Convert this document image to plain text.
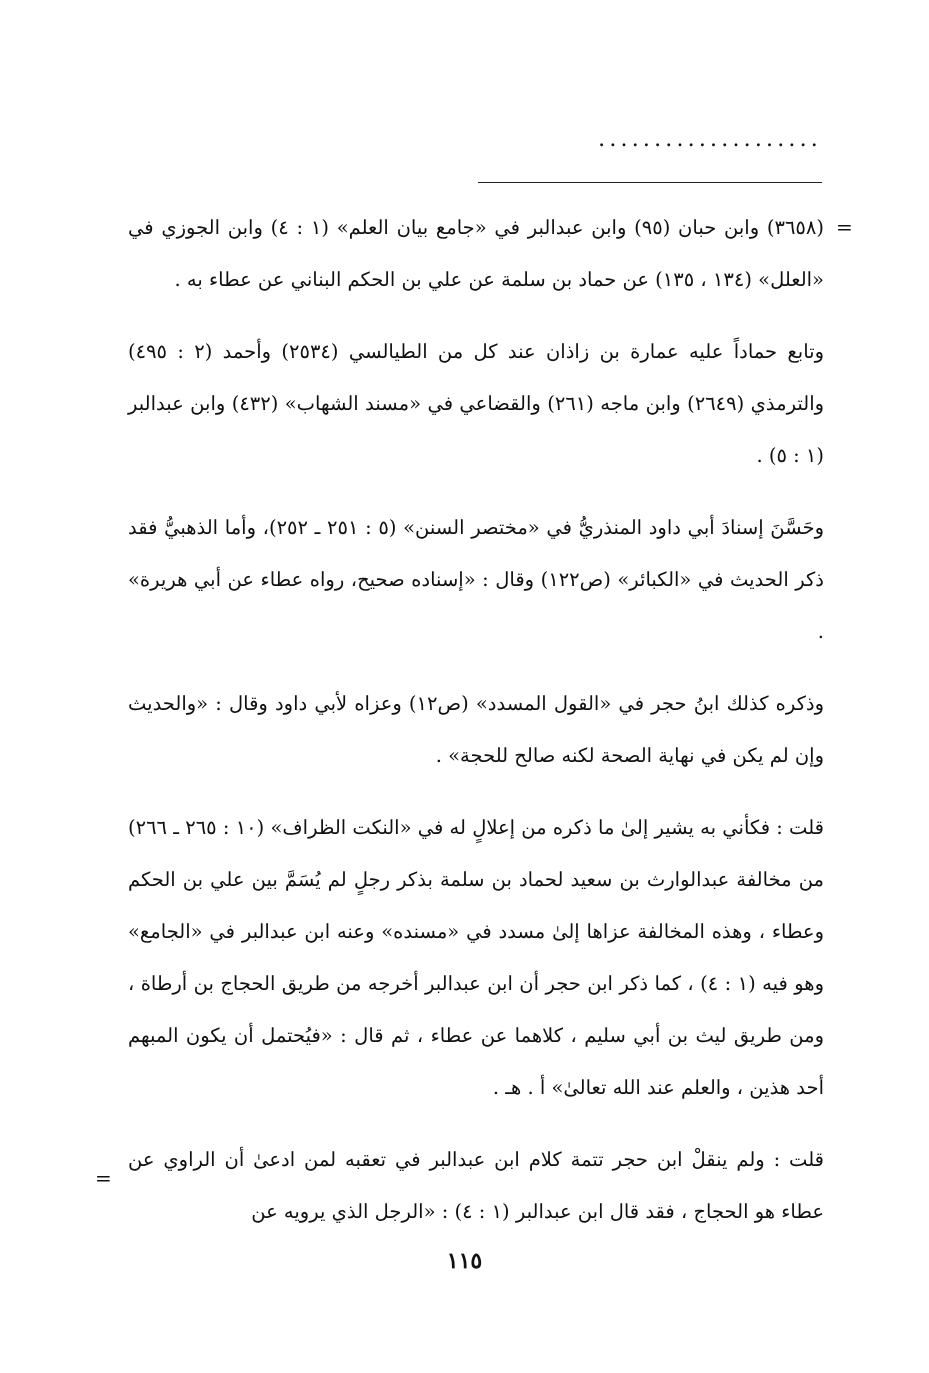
....................
=

(٣٦٥٨) وابن حبان (٩٥) وابن عبدالبر في «جامع بيان العلم» (١ : ٤) وابن الجوزي في «العلل» (١٣٤ ، ١٣٥) عن حماد بن سلمة عن علي بن الحكم البناني عن عطاء به .

وتابع حماداً عليه عمارة بن زاذان عند كل من الطيالسي (٢٥٣٤) وأحمد (٢ : ٤٩٥) والترمذي (٢٦٤٩) وابن ماجه (٢٦١) والقضاعي في «مسند الشهاب» (٤٣٢) وابن عبدالبر (١ : ٥) .

وحَسَّنَ إسنادَ أبي داود المنذريُّ في «مختصر السنن» (٥ : ٢٥١ ـ ٢٥٢)، وأما الذهبيُّ فقد ذكر الحديث في «الكبائر» (ص١٢٢) وقال : «إسناده صحيح، رواه عطاء عن أبي هريرة» .

وذكره كذلك ابنُ حجر في «القول المسدد» (ص١٢) وعزاه لأبي داود وقال : «والحديث وإن لم يكن في نهاية الصحة لكنه صالح للحجة» .

قلت : فكأني به يشير إلىٰ ما ذكره من إعلالٍ له في «النكت الظراف» (١٠ : ٢٦٥ ـ ٢٦٦) من مخالفة عبدالوارث بن سعيد لحماد بن سلمة بذكر رجلٍ لم يُسَمَّ بين علي بن الحكم وعطاء ، وهذه المخالفة عزاها إلىٰ مسدد في «مسنده» وعنه ابن عبدالبر في «الجامع» وهو فيه (١ : ٤) ، كما ذكر ابن حجر أن ابن عبدالبر أخرجه من طريق الحجاج بن أرطاة ، ومن طريق ليث بن أبي سليم ، كلاهما عن عطاء ، ثم قال : «فيُحتمل أن يكون المبهم أحد هذين ، والعلم عند الله تعالىٰ» أ . هـ .

قلت : ولم ينقلْ ابن حجر تتمة كلام ابن عبدالبر في تعقبه لمن ادعىٰ أن الراوي عن عطاء هو الحجاج ، فقد قال ابن عبدالبر (١ : ٤) : «الرجل الذي يرويه عن

=
١١٥
